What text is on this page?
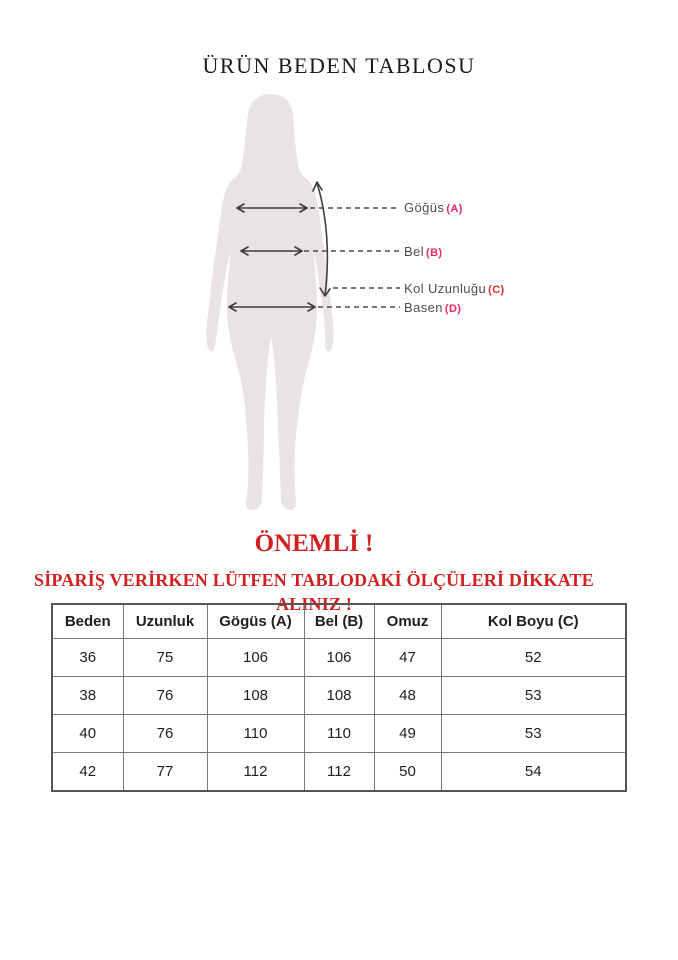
ÜRÜN BEDEN TABLOSU
Göğüs (A)
Bel (B)
Kol Uzunluğu (C)
Basen (D)
ÖNEMLİ !
SİPARİŞ VERİRKEN LÜTFEN TABLODAKİ ÖLÇÜLERİ DİKKATE ALINIZ !
Beden	Uzunluk	Gögüs (A)	Bel (B)	Omuz	Kol Boyu (C)
36	75	106	106	47	52
38	76	108	108	48	53
40	76	110	110	49	53
42	77	112	112	50	54
